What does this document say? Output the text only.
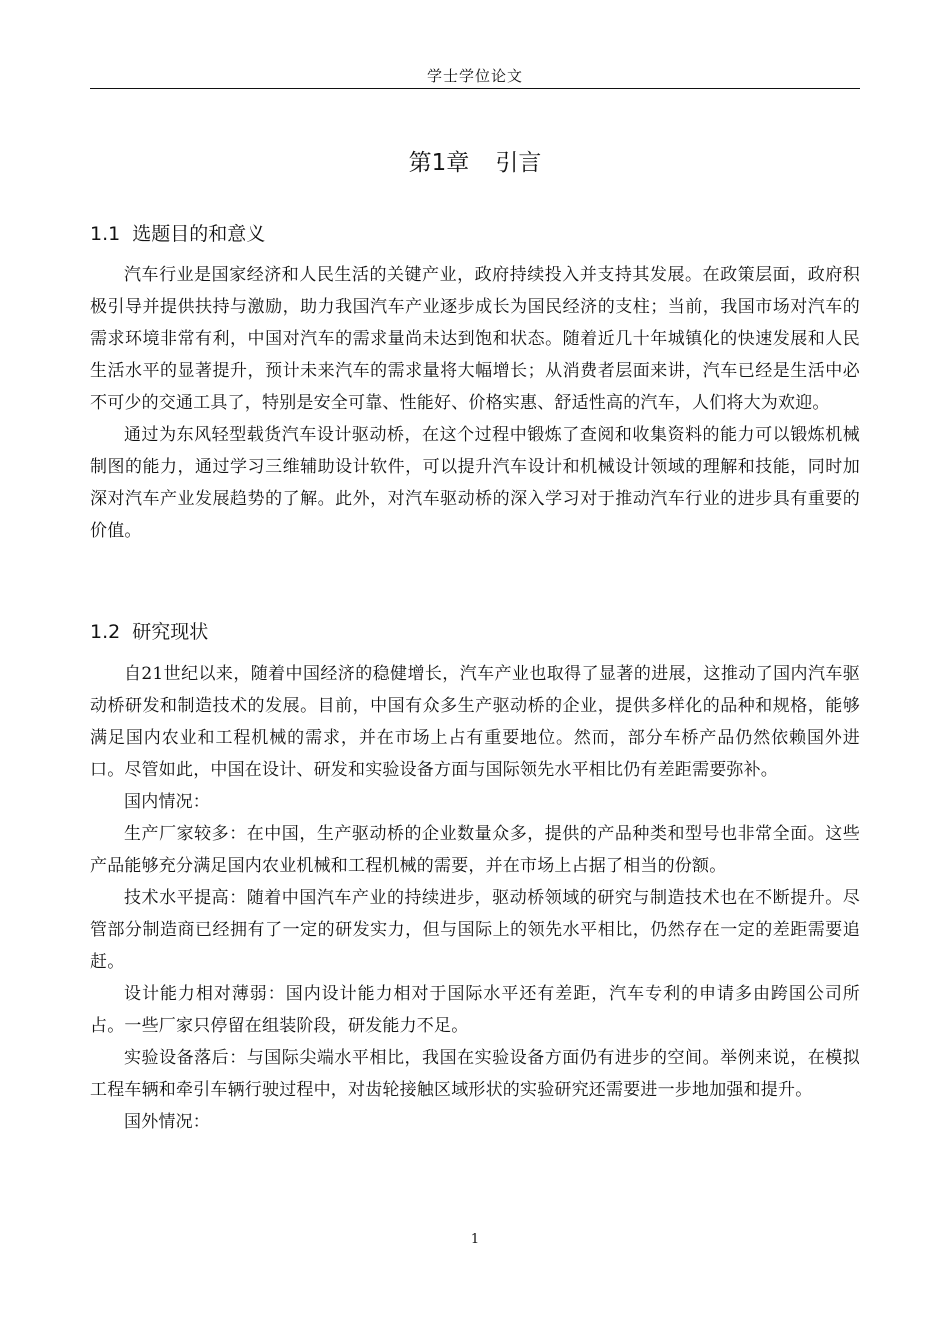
学士学位论文
第1章 引言
1.1 选题目的和意义

汽车行业是国家经济和人民生活的关键产业，政府持续投入并支持其发展。在政策层面，政府积极引导并提供扶持与激励，助力我国汽车产业逐步成长为国民经济的支柱；当前，我国市场对汽车的需求环境非常有利，中国对汽车的需求量尚未达到饱和状态。随着近几十年城镇化的快速发展和人民生活水平的显著提升，预计未来汽车的需求量将大幅增长；从消费者层面来讲，汽车已经是生活中必不可少的交通工具了，特别是安全可靠、性能好、价格实惠、舒适性高的汽车，人们将大为欢迎。

通过为东风轻型载货汽车设计驱动桥，在这个过程中锻炼了查阅和收集资料的能力可以锻炼机械制图的能力，通过学习三维辅助设计软件，可以提升汽车设计和机械设计领域的理解和技能，同时加深对汽车产业发展趋势的了解。此外，对汽车驱动桥的深入学习对于推动汽车行业的进步具有重要的价值。

1.2 研究现状

自21世纪以来，随着中国经济的稳健增长，汽车产业也取得了显著的进展，这推动了国内汽车驱动桥研发和制造技术的发展。目前，中国有众多生产驱动桥的企业，提供多样化的品种和规格，能够满足国内农业和工程机械的需求，并在市场上占有重要地位。然而，部分车桥产品仍然依赖国外进口。尽管如此，中国在设计、研发和实验设备方面与国际领先水平相比仍有差距需要弥补。

国内情况：

生产厂家较多：在中国，生产驱动桥的企业数量众多，提供的产品种类和型号也非常全面。这些产品能够充分满足国内农业机械和工程机械的需要，并在市场上占据了相当的份额。

技术水平提高：随着中国汽车产业的持续进步，驱动桥领域的研究与制造技术也在不断提升。尽管部分制造商已经拥有了一定的研发实力，但与国际上的领先水平相比，仍然存在一定的差距需要追赶。

设计能力相对薄弱：国内设计能力相对于国际水平还有差距，汽车专利的申请多由跨国公司所占。一些厂家只停留在组装阶段，研发能力不足。

实验设备落后：与国际尖端水平相比，我国在实验设备方面仍有进步的空间。举例来说，在模拟工程车辆和牵引车辆行驶过程中，对齿轮接触区域形状的实验研究还需要进一步地加强和提升。

国外情况：

1
